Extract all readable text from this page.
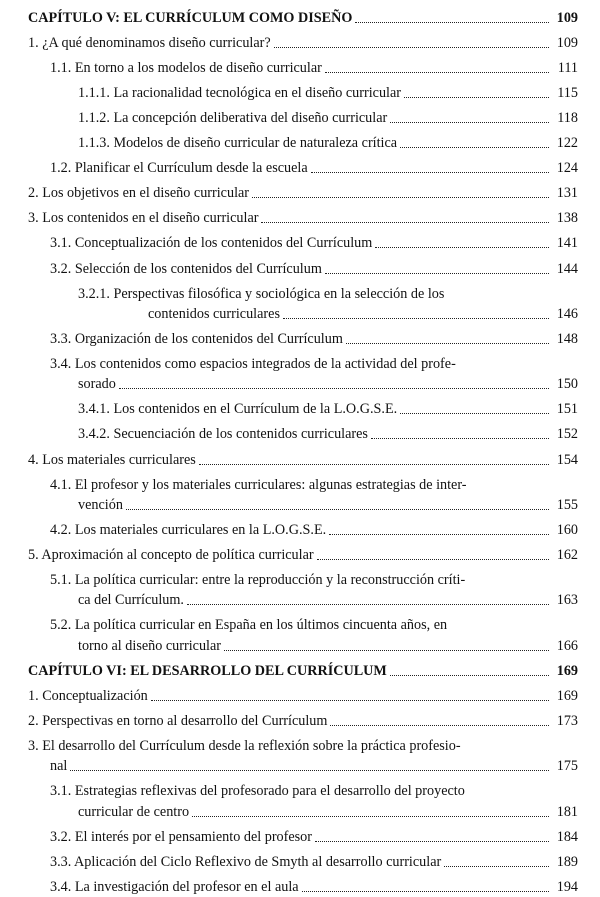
CAPÍTULO V: EL CURRÍCULUM COMO DISEÑO	109
1. ¿A qué denominamos diseño curricular?	109
1.1. En torno a los modelos de diseño curricular	111
1.1.1. La racionalidad tecnológica en el diseño curricular	115
1.1.2. La concepción deliberativa del diseño curricular	118
1.1.3. Modelos de diseño curricular de naturaleza crítica	122
1.2. Planificar el Currículum desde la escuela	124
2. Los objetivos en el diseño curricular	131
3. Los contenidos en el diseño curricular	138
3.1. Conceptualización de los contenidos del Currículum	141
3.2. Selección de los contenidos del Currículum	144
3.2.1. Perspectivas filosófica y sociológica en la selección de los
contenidos curriculares	146
3.3. Organización de los contenidos del Currículum	148
3.4. Los contenidos como espacios integrados de la actividad del profe-
sorado	150
3.4.1. Los contenidos en el Currículum de la L.O.G.S.E.	151
3.4.2. Secuenciación de los contenidos curriculares	152
4. Los materiales curriculares	154
4.1. El profesor y los materiales curriculares: algunas estrategias de inter-
vención	155
4.2. Los materiales curriculares en la L.O.G.S.E.	160
5. Aproximación al concepto de política curricular	162
5.1. La política curricular: entre la reproducción y la reconstrucción críti-
ca del Currículum.	163
5.2. La política curricular en España en los últimos cincuenta años, en
torno al diseño curricular	166
CAPÍTULO VI: EL DESARROLLO DEL CURRÍCULUM	169
1. Conceptualización	169
2. Perspectivas en torno al desarrollo del Currículum	173
3. El desarrollo del Currículum desde la reflexión sobre la práctica profesio-
nal	175
3.1. Estrategias reflexivas del profesorado para el desarrollo del proyecto
curricular de centro	181
3.2. El interés por el pensamiento del profesor	184
3.3. Aplicación del Ciclo Reflexivo de Smyth al desarrollo curricular	189
3.4. La investigación del profesor en el aula	194
